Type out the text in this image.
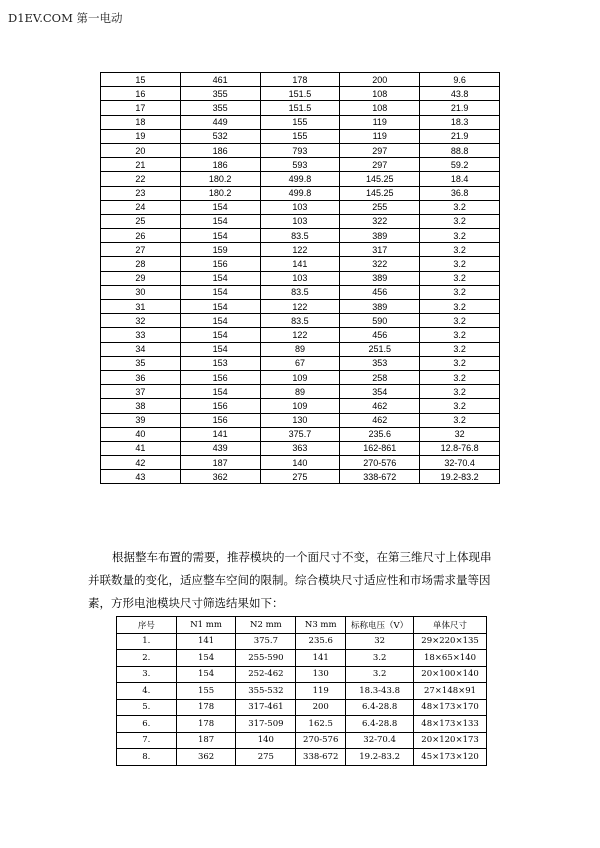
D1EV.COM 第一电动
15	461	178	200	9.6
16	355	151.5	108	43.8
17	355	151.5	108	21.9
18	449	155	119	18.3
19	532	155	119	21.9
20	186	793	297	88.8
21	186	593	297	59.2
22	180.2	499.8	145.25	18.4
23	180.2	499.8	145.25	36.8
24	154	103	255	3.2
25	154	103	322	3.2
26	154	83.5	389	3.2
27	159	122	317	3.2
28	156	141	322	3.2
29	154	103	389	3.2
30	154	83.5	456	3.2
31	154	122	389	3.2
32	154	83.5	590	3.2
33	154	122	456	3.2
34	154	89	251.5	3.2
35	153	67	353	3.2
36	156	109	258	3.2
37	154	89	354	3.2
38	156	109	462	3.2
39	156	130	462	3.2
40	141	375.7	235.6	32
41	439	363	162-861	12.8-76.8
42	187	140	270-576	32-70.4
43	362	275	338-672	19.2-83.2
根据整车布置的需要，推荐模块的一个面尺寸不变，在第三维尺寸上体现串
并联数量的变化，适应整车空间的限制。综合模块尺寸适应性和市场需求量等因
素，方形电池模块尺寸筛选结果如下：
序号	N1 mm	N2 mm	N3 mm	标称电压（V）	单体尺寸
1.	141	375.7	235.6	32	29×220×135
2.	154	255-590	141	3.2	18×65×140
3.	154	252-462	130	3.2	20×100×140
4.	155	355-532	119	18.3-43.8	27×148×91
5.	178	317-461	200	6.4-28.8	48×173×170
6.	178	317-509	162.5	6.4-28.8	48×173×133
7.	187	140	270-576	32-70.4	20×120×173
8.	362	275	338-672	19.2-83.2	45×173×120
